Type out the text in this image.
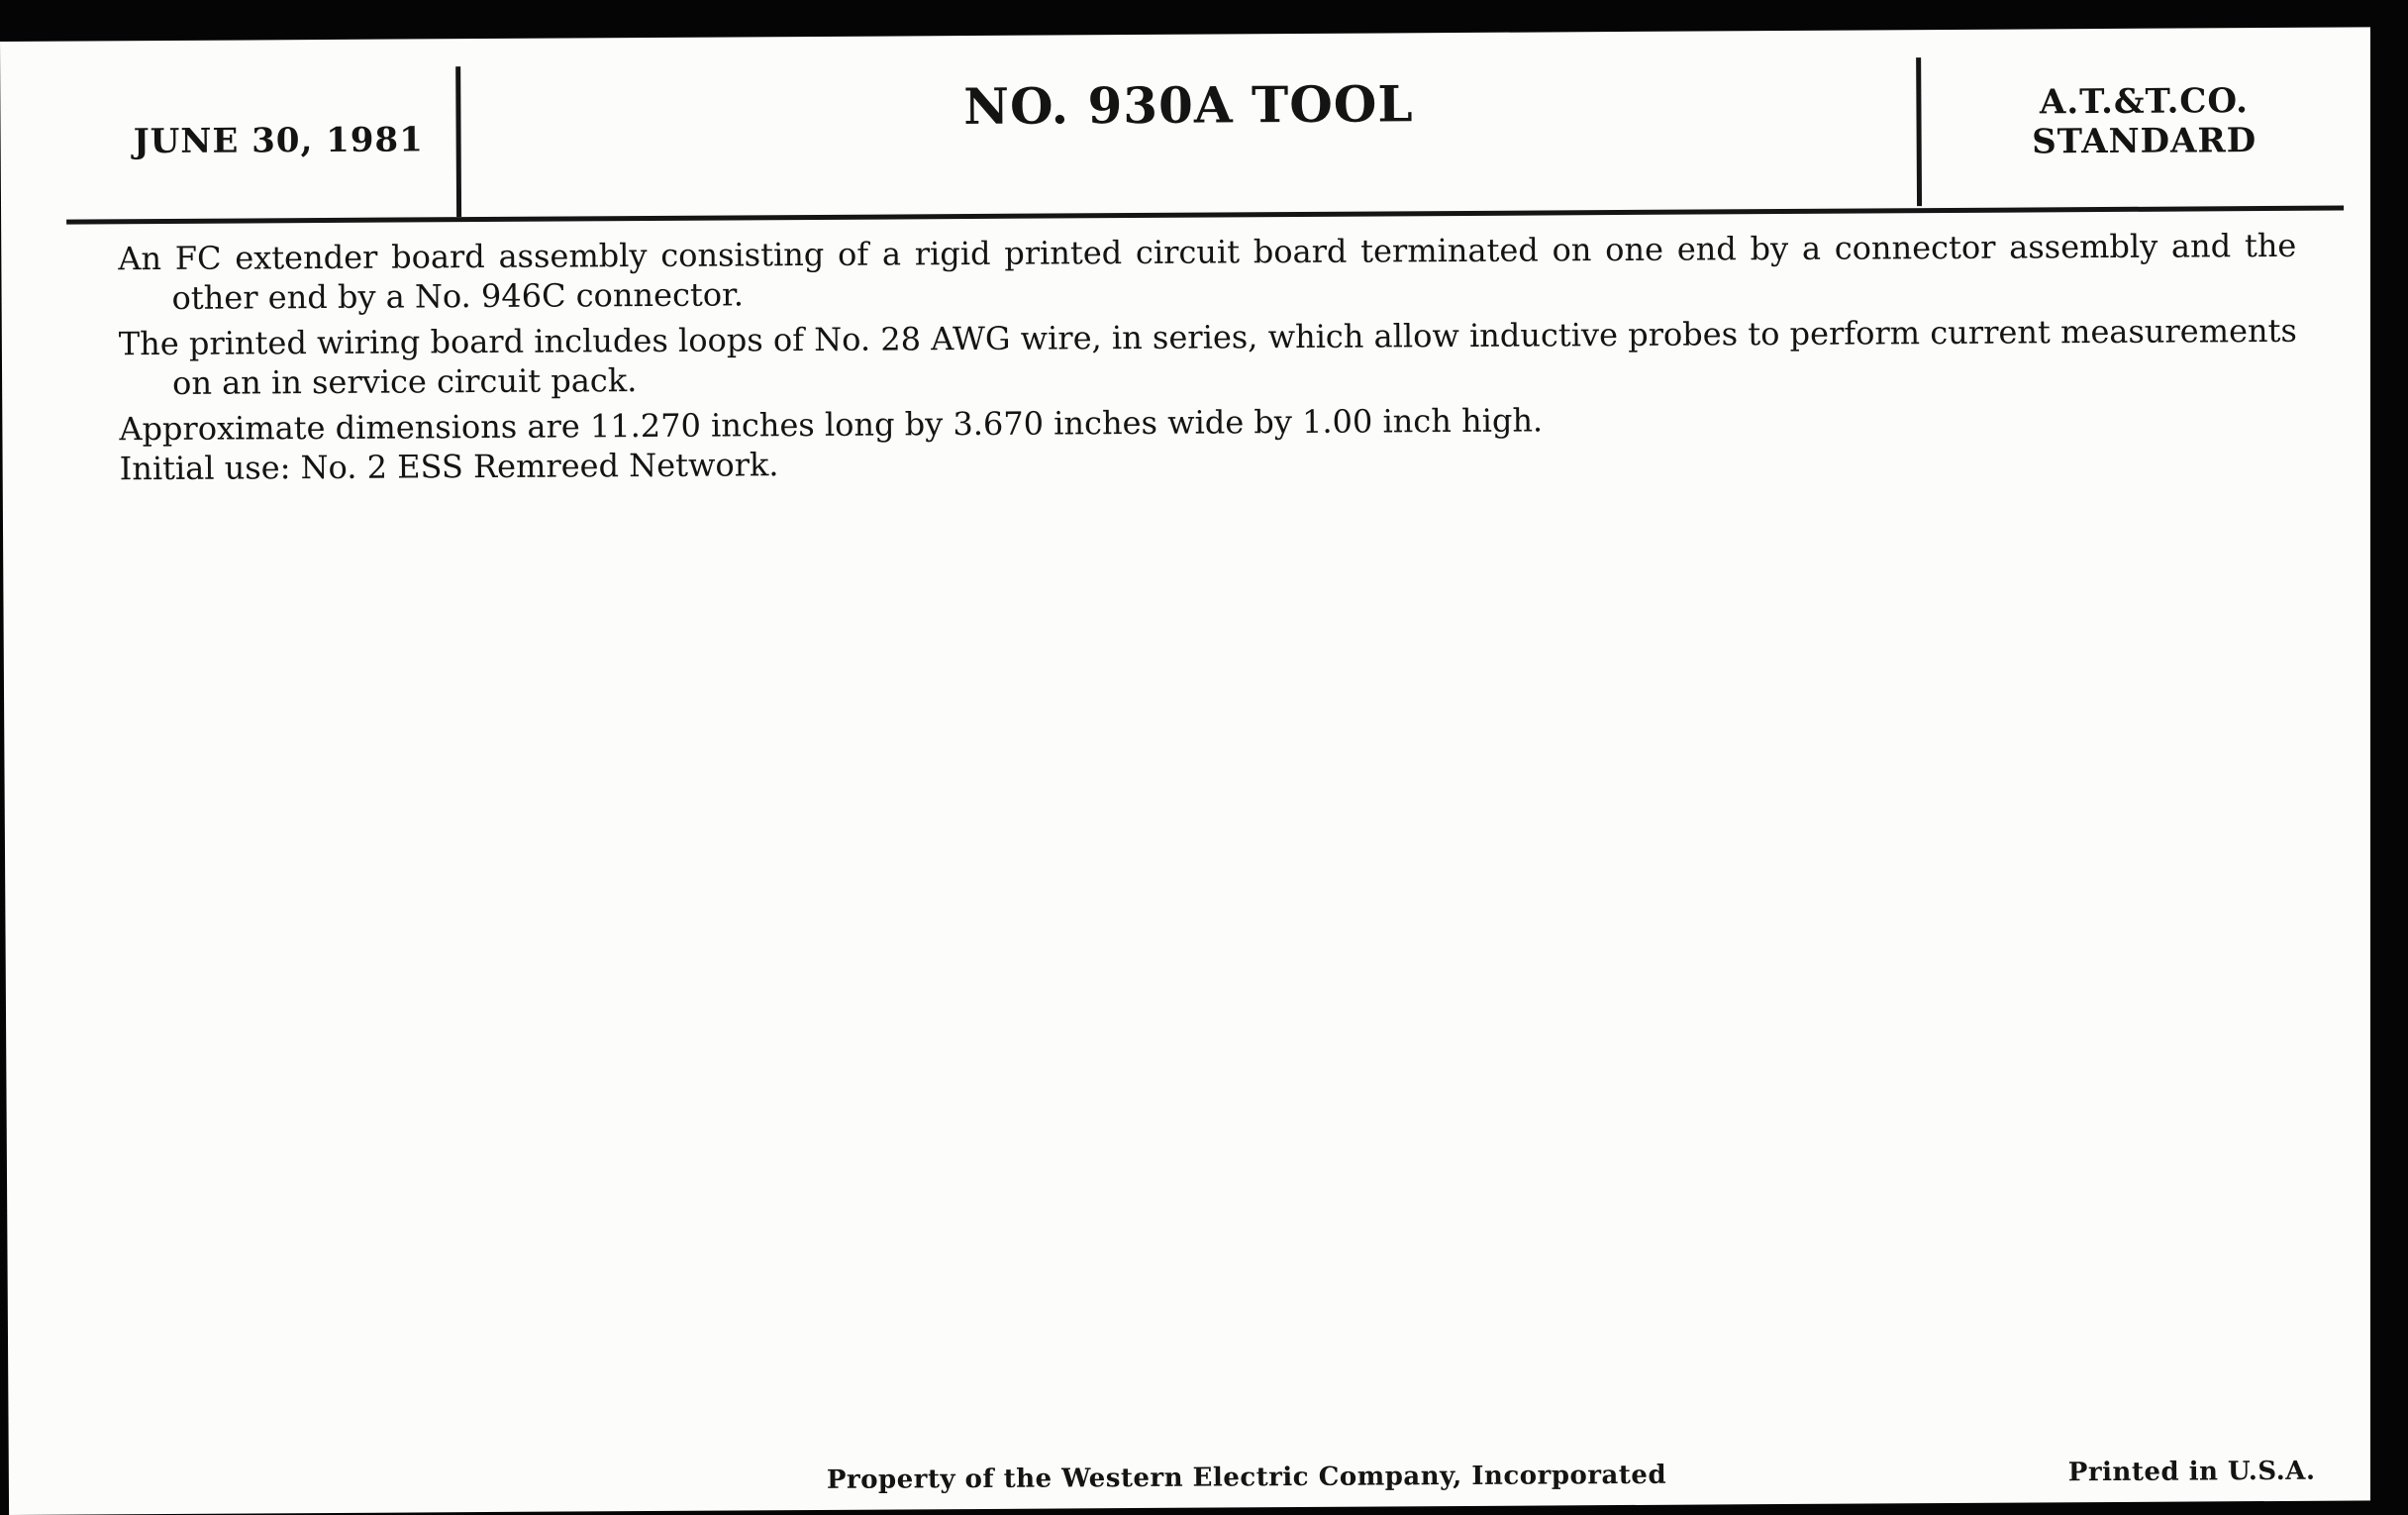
JUNE 30, 1981
NO. 930A TOOL	A.T.&T.CO.
STANDARD

An FC extender board assembly consisting of a rigid printed circuit board terminated on one end by a connector assembly and the other end by a No. 946C connector.

The printed wiring board includes loops of No. 28 AWG wire, in series, which allow inductive probes to perform current measurements on an in service circuit pack.

Approximate dimensions are 11.270 inches long by 3.670 inches wide by 1.00 inch high.

Initial use: No. 2 ESS Remreed Network.

Property of the Western Electric Company, Incorporated	Printed in U.S.A.
